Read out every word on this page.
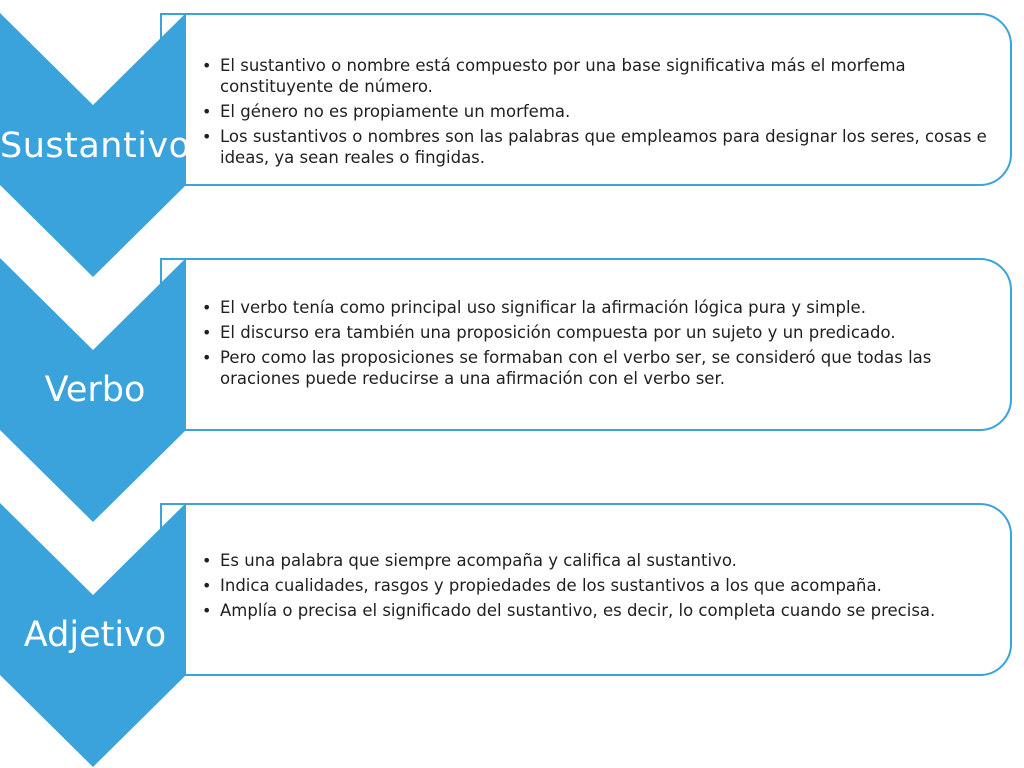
• El sustantivo o nombre está compuesto por una base significativa más el morfema constituyente de número.
• El género no es propiamente un morfema.
• Los sustantivos o nombres son las palabras que empleamos para designar los seres, cosas e ideas, ya sean reales o fingidas.
• El verbo tenía como principal uso significar la afirmación lógica pura y simple.
• El discurso era también una proposición compuesta por un sujeto y un predicado.
• Pero como las proposiciones se formaban con el verbo ser, se consideró que todas las oraciones puede reducirse a una afirmación con el verbo ser.
• Es una palabra que siempre acompaña y califica al sustantivo.
• Indica cualidades, rasgos y propiedades de los sustantivos a los que acompaña.
• Amplía o precisa el significado del sustantivo, es decir, lo completa cuando se precisa.
Sustantivo
Verbo
Adjetivo
